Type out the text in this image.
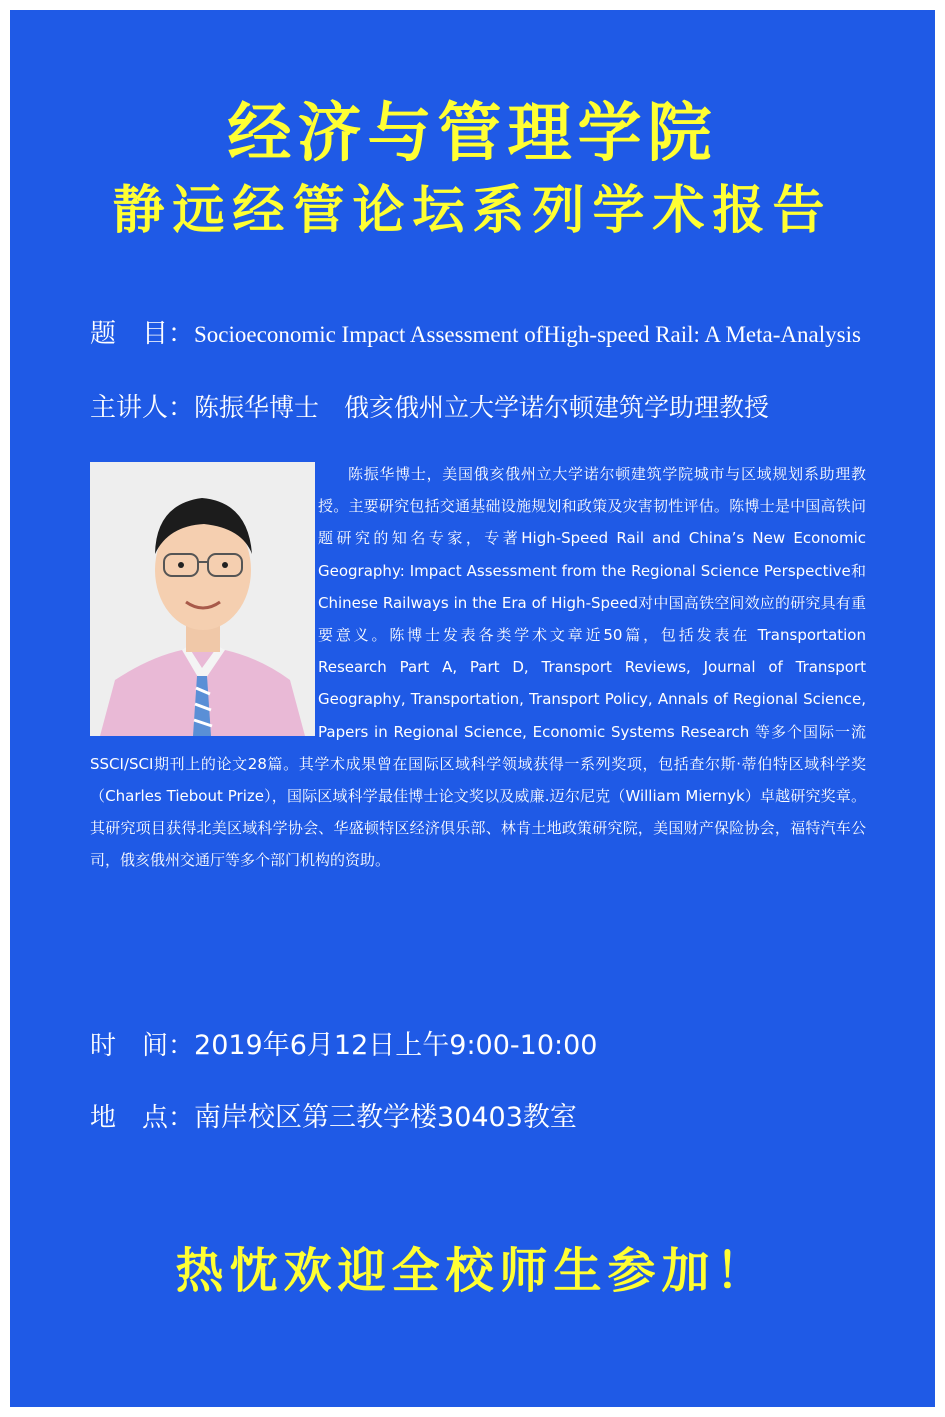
经济与管理学院
静远经管论坛系列学术报告
题　目：Socioeconomic Impact Assessment ofHigh-speed Rail: A Meta-Analysis
主讲人：陈振华博士　俄亥俄州立大学诺尔顿建筑学助理教授
陈振华博士，美国俄亥俄州立大学诺尔顿建筑学院城市与区域规划系助理教授。主要研究包括交通基础设施规划和政策及灾害韧性评估。陈博士是中国高铁问题研究的知名专家，专著High-Speed Rail and China’s New Economic Geography: Impact Assessment from the Regional Science Perspective和 Chinese Railways in the Era of High-Speed对中国高铁空间效应的研究具有重要意义。陈博士发表各类学术文章近50篇，包括发表在 Transportation Research Part A, Part D, Transport Reviews, Journal of Transport Geography, Transportation, Transport Policy, Annals of Regional Science, Papers in Regional Science, Economic Systems Research 等多个国际一流SSCI/SCI期刊上的论文28篇。其学术成果曾在国际区域科学领域获得一系列奖项，包括查尔斯·蒂伯特区域科学奖（Charles Tiebout Prize），国际区域科学最佳博士论文奖以及威廉.迈尔尼克（William Miernyk）卓越研究奖章。其研究项目获得北美区域科学协会、华盛顿特区经济俱乐部、林肯土地政策研究院，美国财产保险协会，福特汽车公司，俄亥俄州交通厅等多个部门机构的资助。
时　间：2019年6月12日上午9:00-10:00
地　点：南岸校区第三教学楼30403教室
热忱欢迎全校师生参加！
